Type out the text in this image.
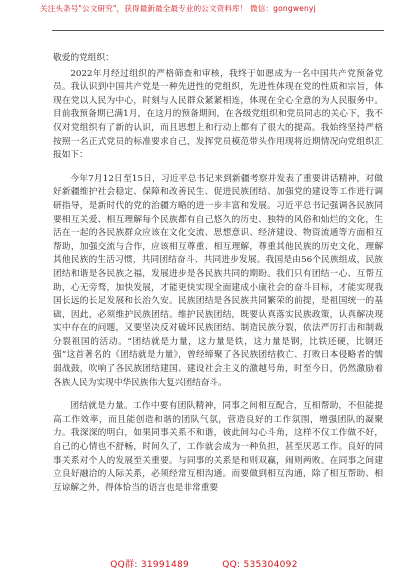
关注头条号"公文研究"，获得最新最全最专业的公文资料库！ 微信：gongwenyj

敬爱的党组织：

2022年月经过组织的严格筛查和审核，我终于如愿成为一名中国共产党预备党员。我认识到中国共产党是一种先进性的党组织，先进性体现在党的性质和宗旨，体现在党以人民为中心，时刻与人民群众紧紧相连，体现在全心全意的为人民服务中。目前我预备期已满1月，在这月的预备期间，在各级党组织和党员同志的关心下，我不仅对党组织有了新的认识，而且思想上和行动上都有了很大的提高。我始终坚持严格按照一名正式党员的标准要求自己，发挥党员模范带头作用现将近期情况向党组织汇报如下：

今年7月12日至15日，习近平总书记来到新疆考察并发表了重要讲话精神，对做好新疆维护社会稳定、保障和改善民生、促进民族团结、加强党的建设等工作进行调研指导，是新时代的党的治疆方略的进一步丰富和发展。习近平总书记强调各民族同要相互关爱、相互理解每个民族都有自己悠久的历史、独特的风俗和灿烂的文化，生活在一起的各民族群众应该在文化交流、思想意识、经济建设、物资流通等方面相互帮助，加强交流与合作，应该相互尊重、相互理解，尊重其他民族的历史文化，理解其他民族的生活习惯，共同团结奋斗、共同进步发展。我国是由56个民族组成，民族团结和谐是各民族之福，发展进步是各民族共同的期盼。我们只有团结一心、互帮互助，心无旁骛，加快发展，才能更快实现全面建成小康社会的奋斗目标，才能实现我国长远的长足发展和长治久安。民族团结是各民族共同繁荣的前提，是祖国统一的基础，因此，必须维护民族团结。维护民族团结，既要认真落实民族政策，认真解决现实中存在的问题，又要坚决反对破坏民族团结、制造民族分裂，依法严厉打击和制裁分裂祖国的活动。“团结就是力量，这力量是铁，这力量是钢，比铁还硬，比钢还强”这首著名的《团结就是力量》，曾经缔聚了各民族团结救亡、打败日本侵略者的懦弱战鼓，吹响了各民族团结建国、建设社会主义的激越号角，时至今日，仍然激励着各族人民为实现中华民族伟大复兴团结奋斗。

团结就是力量。工作中要有团队精神，同事之间相互配合，互相帮助，不但能提高工作效率，而且能创造和谐的团队气氛，营造良好的工作氛围，增强团队的凝聚力。我深深的明白，如果同事关系不和谐，彼此间勾心斗角，这样不仅工作做不好，自己的心情也不舒畅，时间久了，工作就会成为一种负担，甚至厌恶工作。良好的同事关系对个人的发展至关重要。与同事的关系是和则双赢，闹则两败。在同事之间建立良好融洽的人际关系，必须经常互相沟通。而要做到相互沟通，除了相互帮助、相互谅解之外，得体恰当的语言也是非常重要

QQ群: 31991489	QQ: 535304092
